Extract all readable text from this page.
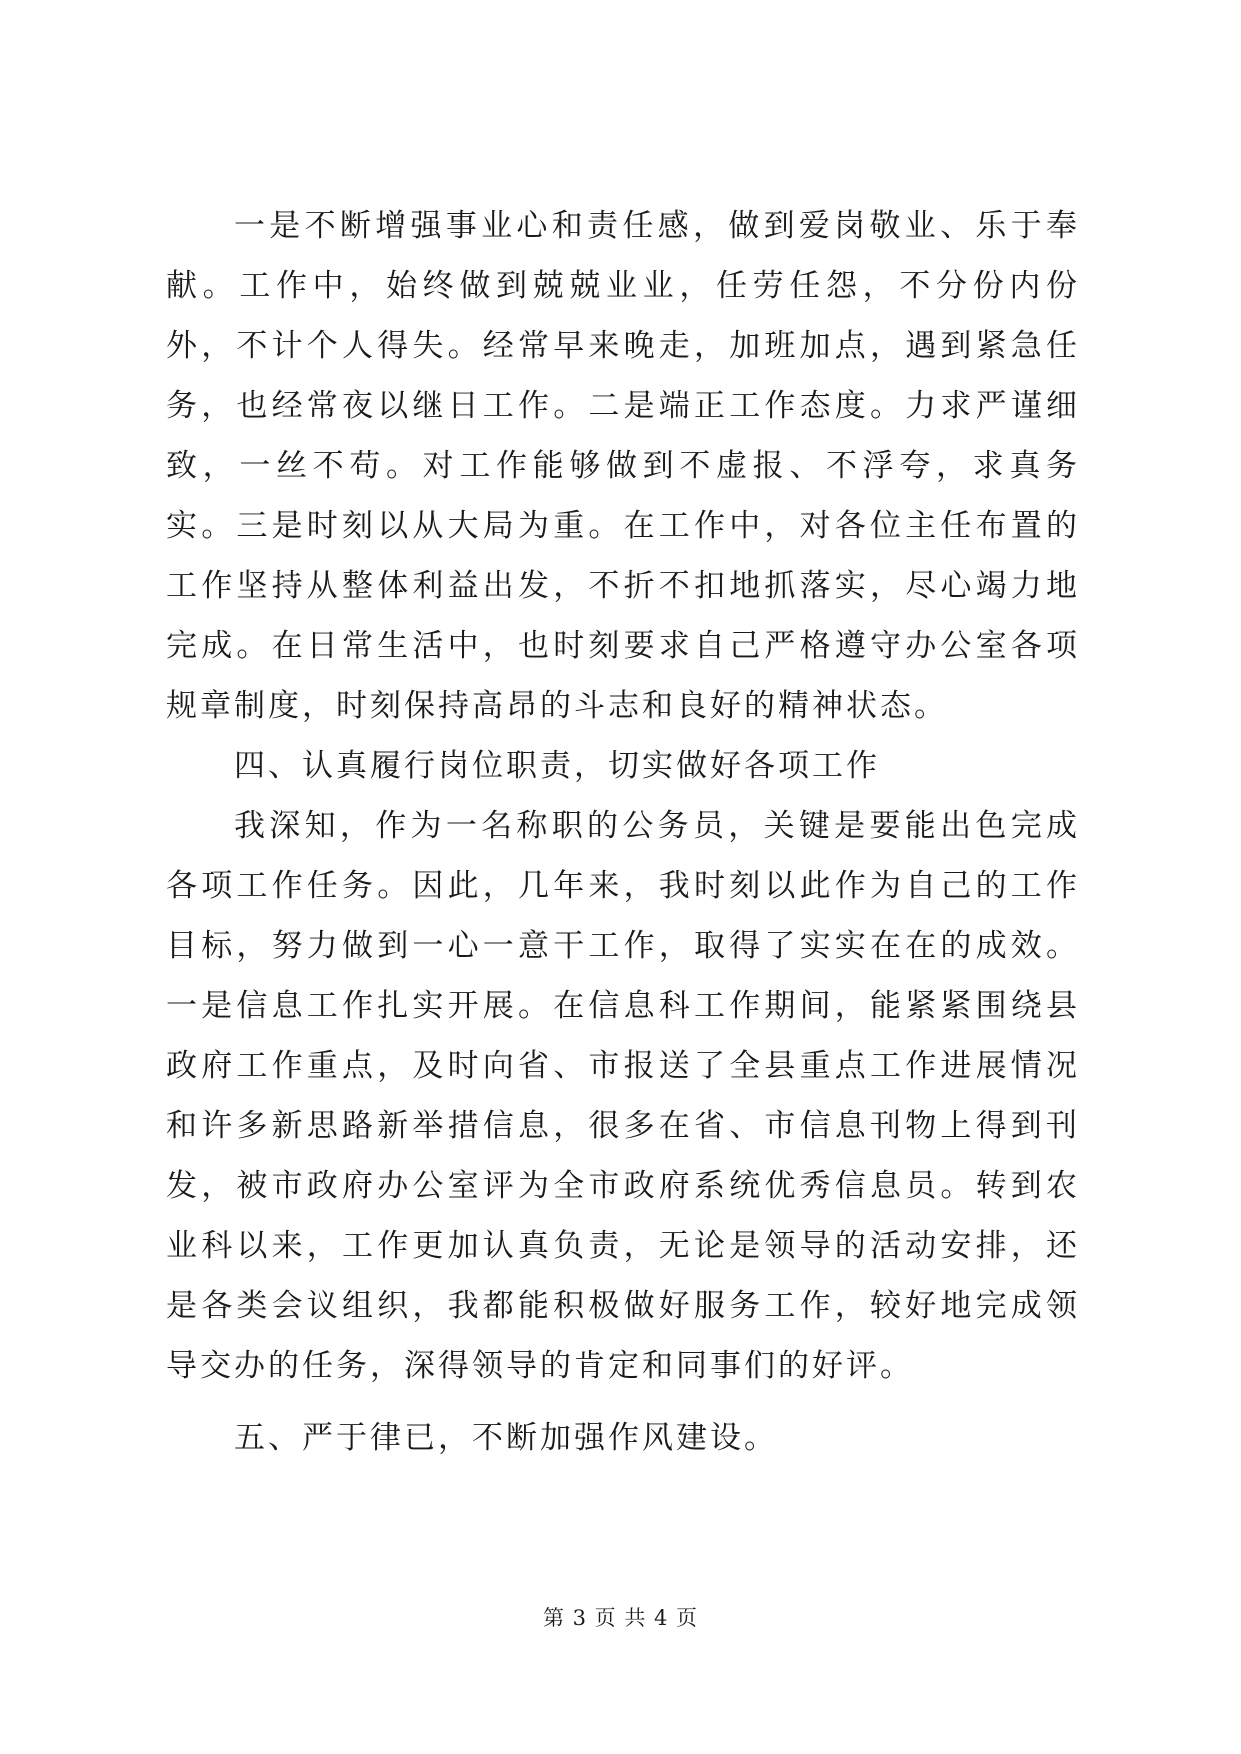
一是不断增强事业心和责任感，做到爱岗敬业、乐于奉献。工作中，始终做到兢兢业业，任劳任怨，不分份内份外，不计个人得失。经常早来晚走，加班加点，遇到紧急任务，也经常夜以继日工作。二是端正工作态度。力求严谨细致，一丝不苟。对工作能够做到不虚报、不浮夸，求真务实。三是时刻以从大局为重。在工作中，对各位主任布置的工作坚持从整体利益出发，不折不扣地抓落实，尽心竭力地完成。在日常生活中，也时刻要求自己严格遵守办公室各项规章制度，时刻保持高昂的斗志和良好的精神状态。

四、认真履行岗位职责，切实做好各项工作

我深知，作为一名称职的公务员，关键是要能出色完成各项工作任务。因此，几年来，我时刻以此作为自己的工作目标，努力做到一心一意干工作，取得了实实在在的成效。一是信息工作扎实开展。在信息科工作期间，能紧紧围绕县政府工作重点，及时向省、市报送了全县重点工作进展情况和许多新思路新举措信息，很多在省、市信息刊物上得到刊发，被市政府办公室评为全市政府系统优秀信息员。转到农业科以来，工作更加认真负责，无论是领导的活动安排，还是各类会议组织，我都能积极做好服务工作，较好地完成领导交办的任务，深得领导的肯定和同事们的好评。

五、严于律已，不断加强作风建设。

第 3 页 共 4 页
